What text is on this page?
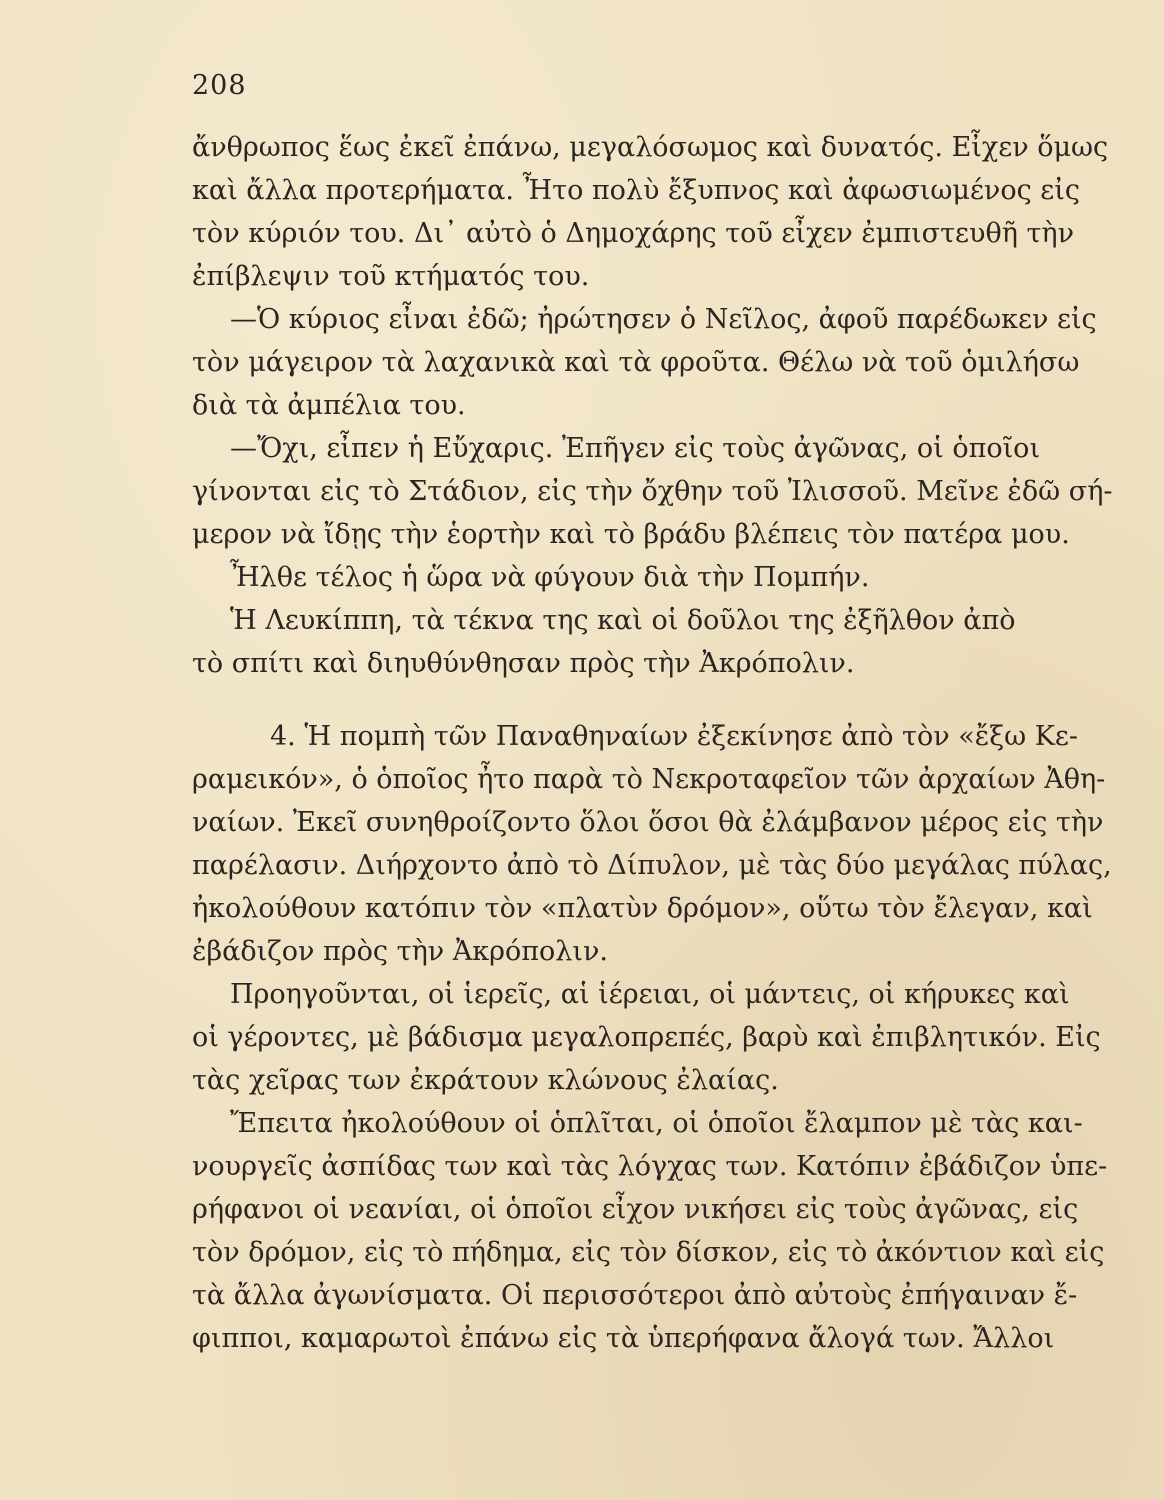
208
ἄνθρωπος ἕως ἐκεῖ ἐπάνω, μεγαλόσωμος καὶ δυνατός. Εἶχεν ὅμως
καὶ ἄλλα προτερήματα. Ἦτο πολὺ ἔξυπνος καὶ ἀφωσιωμένος εἰς
τὸν κύριόν του. Δι᾽ αὐτὸ ὁ Δημοχάρης τοῦ εἶχεν ἐμπιστευθῆ τὴν
ἐπίβλεψιν τοῦ κτήματός του.
—Ὁ κύριος εἶναι ἐδῶ; ἠρώτησεν ὁ Νεῖλος, ἀφοῦ παρέδωκεν εἰς
τὸν μάγειρον τὰ λαχανικὰ καὶ τὰ φροῦτα. Θέλω νὰ τοῦ ὁμιλήσω
διὰ τὰ ἀμπέλια του.
—Ὄχι, εἶπεν ἡ Εὔχαρις. Ἐπῆγεν εἰς τοὺς ἀγῶνας, οἱ ὁποῖοι
γίνονται εἰς τὸ Στάδιον, εἰς τὴν ὄχθην τοῦ Ἰλισσοῦ. Μεῖνε ἐδῶ σή-
μερον νὰ ἴδῃς τὴν ἑορτὴν καὶ τὸ βράδυ βλέπεις τὸν πατέρα μου.
Ἦλθε τέλος ἡ ὥρα νὰ φύγουν διὰ τὴν Πομπήν.
Ἡ Λευκίππη, τὰ τέκνα της καὶ οἱ δοῦλοι της ἐξῆλθον ἀπὸ
τὸ σπίτι καὶ διηυθύνθησαν πρὸς τὴν Ἀκρόπολιν.
4. Ἡ πομπὴ τῶν Παναθηναίων ἐξεκίνησε ἀπὸ τὸν «ἔξω Κε-
ραμεικόν», ὁ ὁποῖος ἦτο παρὰ τὸ Νεκροταφεῖον τῶν ἀρχαίων Ἀθη-
ναίων. Ἐκεῖ συνηθροίζοντο ὅλοι ὅσοι θὰ ἐλάμβανον μέρος εἰς τὴν
παρέλασιν. Διήρχοντο ἀπὸ τὸ Δίπυλον, μὲ τὰς δύο μεγάλας πύλας,
ἠκολούθουν κατόπιν τὸν «πλατὺν δρόμον», οὕτω τὸν ἔλεγαν, καὶ
ἐβάδιζον πρὸς τὴν Ἀκρόπολιν.
Προηγοῦνται, οἱ ἱερεῖς, αἱ ἱέρειαι, οἱ μάντεις, οἱ κήρυκες καὶ
οἱ γέροντες, μὲ βάδισμα μεγαλοπρεπές, βαρὺ καὶ ἐπιβλητικόν. Εἰς
τὰς χεῖρας των ἐκράτουν κλώνους ἐλαίας.
Ἔπειτα ἠκολούθουν οἱ ὁπλῖται, οἱ ὁποῖοι ἔλαμπον μὲ τὰς και-
νουργεῖς ἀσπίδας των καὶ τὰς λόγχας των. Κατόπιν ἐβάδιζον ὑπε-
ρήφανοι οἱ νεανίαι, οἱ ὁποῖοι εἶχον νικήσει εἰς τοὺς ἀγῶνας, εἰς
τὸν δρόμον, εἰς τὸ πήδημα, εἰς τὸν δίσκον, εἰς τὸ ἀκόντιον καὶ εἰς
τὰ ἄλλα ἀγωνίσματα. Οἱ περισσότεροι ἀπὸ αὐτοὺς ἐπήγαιναν ἔ-
φιπποι, καμαρωτοὶ ἐπάνω εἰς τὰ ὑπερήφανα ἄλογά των. Ἄλλοι
